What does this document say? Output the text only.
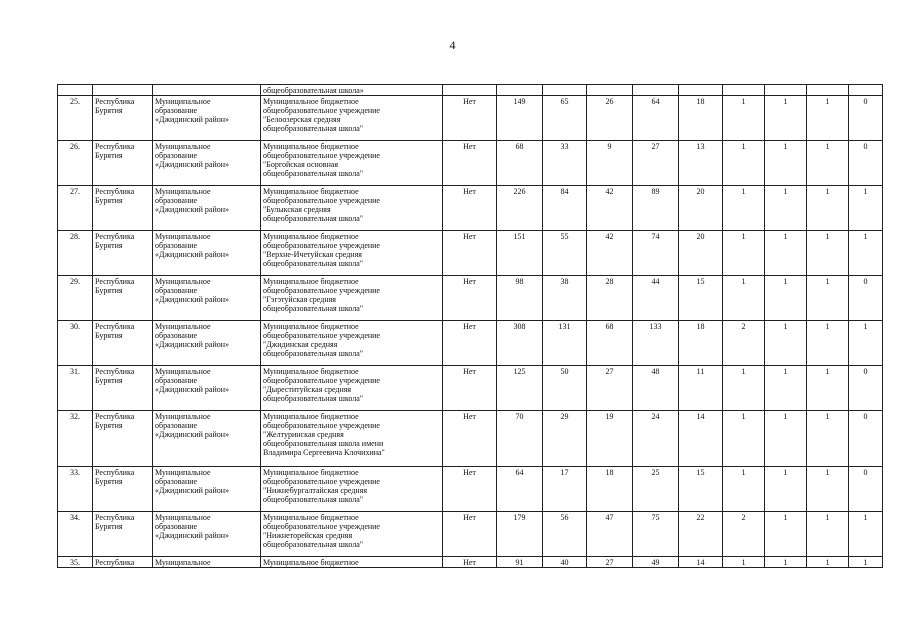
4
			общеобразовательная школа»										
25.	Республика
Бурятия	Муниципальное
образование
«Джидинский район»	Муниципальное бюджетное
общеобразовательное учреждение
"Белоозерская средняя
общеобразовательная школа"	Нет	149	65	26	64	18	1	1	1	0
26.	Республика
Бурятия	Муниципальное
образование
«Джидинский район»	Муниципальное бюджетное
общеобразовательное учреждение
"Боргойская основная
общеобразовательная школа"	Нет	68	33	9	27	13	1	1	1	0
27.	Республика
Бурятия	Муниципальное
образование
«Джидинский район»	Муниципальное бюджетное
общеобразовательное учреждение
"Булыкская средняя
общеобразовательная школа"	Нет	226	84	42	89	20	1	1	1	1
28.	Республика
Бурятия	Муниципальное
образование
«Джидинский район»	Муниципальное бюджетное
общеобразовательное учреждение
"Верхне-Ичетуйская средняя
общеобразовательная школа"	Нет	151	55	42	74	20	1	1	1	1
29.	Республика
Бурятия	Муниципальное
образование
«Джидинский район»	Муниципальное бюджетное
общеобразовательное учреждение
"Гэгэтуйская средняя
общеобразовательная школа"	Нет	98	38	28	44	15	1	1	1	0
30.	Республика
Бурятия	Муниципальное
образование
«Джидинский район»	Муниципальное бюджетное
общеобразовательное учреждение
"Джидинская средняя
общеобразовательная школа"	Нет	308	131	68	133	18	2	1	1	1
31.	Республика
Бурятия	Муниципальное
образование
«Джидинский район»	Муниципальное бюджетное
общеобразовательное учреждение
"Дыреституйская средняя
общеобразовательная школа"	Нет	125	50	27	48	11	1	1	1	0
32.	Республика
Бурятия	Муниципальное
образование
«Джидинский район»	Муниципальное бюджетное
общеобразовательное учреждение
"Желтуринская средняя
общеобразовательная школа имени
Владимира Сергеевича Клочихина"	Нет	70	29	19	24	14	1	1	1	0
33.	Республика
Бурятия	Муниципальное
образование
«Джидинский район»	Муниципальное бюджетное
общеобразовательное учреждение
"Нижнебургалтайская средняя
общеобразовательная школа"	Нет	64	17	18	25	15	1	1	1	0
34.	Республика
Бурятия	Муниципальное
образование
«Джидинский район»	Муниципальное бюджетное
общеобразовательное учреждение
"Нижнеторейская средняя
общеобразовательная школа"	Нет	179	56	47	75	22	2	1	1	1
35.	Республика	Муниципальное	Муниципальное бюджетное	Нет	91	40	27	49	14	1	1	1	1
